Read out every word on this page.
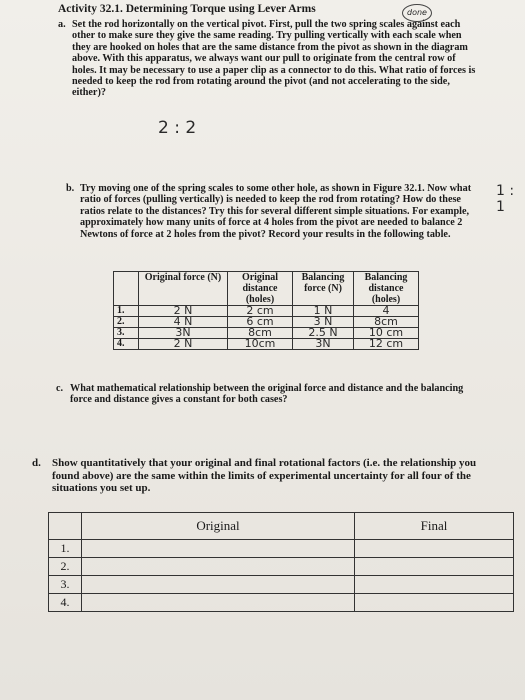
Activity 32.1. Determining Torque using Lever Arms	done
a. Set the rod horizontally on the vertical pivot. First, pull the two spring scales against each other to make sure they give the same reading. Try pulling vertically with each scale when they are hooked on holes that are the same distance from the pivot as shown in the diagram above. With this apparatus, we always want our pull to originate from the central row of holes. It may be necessary to use a paper clip as a connector to do this. What ratio of forces is needed to keep the rod from rotating around the pivot (and not accelerating to the side, either)?

2 : 2
b. Try moving one of the spring scales to some other hole, as shown in Figure 32.1. Now what ratio of forces (pulling vertically) is needed to keep the rod from rotating? How do these ratios relate to the distances? Try this for several different simple situations. For example, approximately how many units of force at 4 holes from the pivot are needed to balance 2 Newtons of force at 2 holes from the pivot? Record your results in the following table.

1 : 1
	Original force (N)	Original distance (holes)	Balancing force (N)	Balancing distance (holes)
1.	2 N	2 cm	1 N	4
2.	4 N	6 cm	3 N	8cm
3.	3N	8cm	2.5 N	10 cm
4.	2 N	10cm	3N	12 cm
c. What mathematical relationship between the original force and distance and the balancing force and distance gives a constant for both cases?

d. Show quantitatively that your original and final rotational factors (i.e. the relationship you found above) are the same within the limits of experimental uncertainty for all four of the situations you set up.

	Original	Final
1.		
2.		
3.		
4.		
